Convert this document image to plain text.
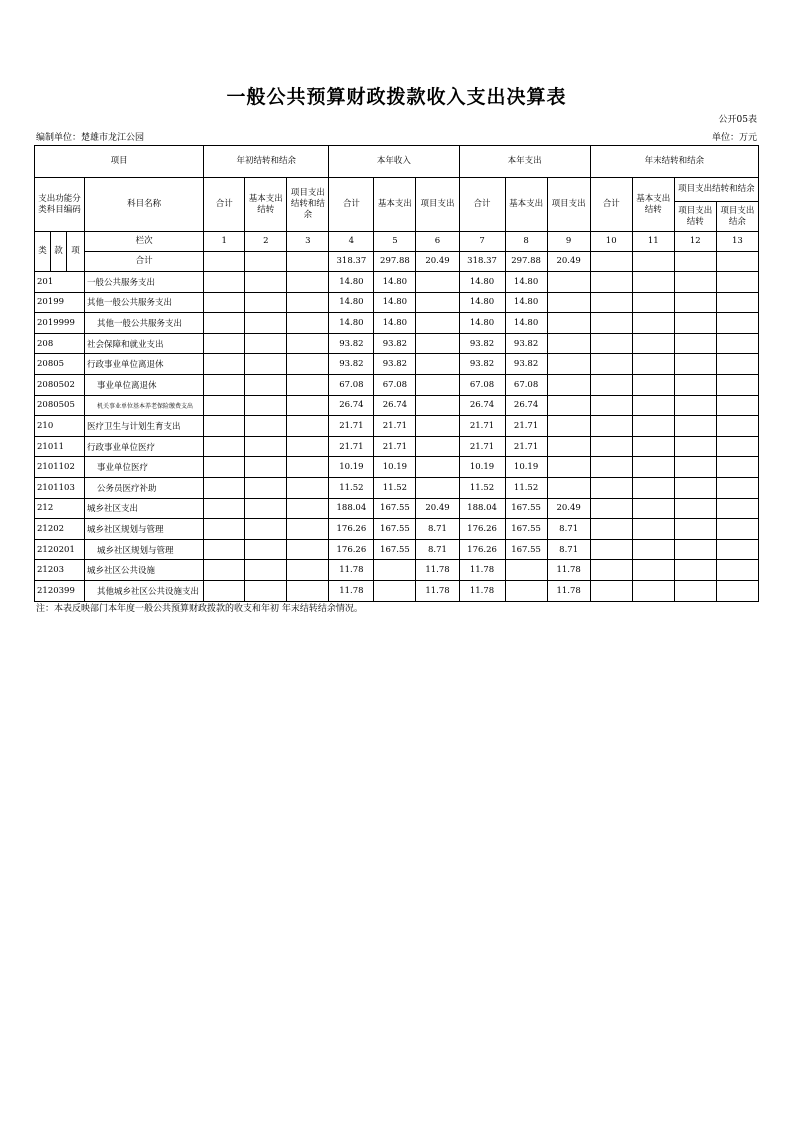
一般公共预算财政拨款收入支出决算表
公开05表
编制单位：楚雄市龙江公园	单位：万元
项目				年初结转和结余			本年收入			本年支出			年末结转和结余			
支出功能分类科目编码			科目名称	合计	基本支出结转	项目支出结转和结余	合计	基本支出	项目支出	合计	基本支出	项目支出	合计	基本支出结转	项目支出结转和结余	
															项目支出结转	项目支出结余
类	款	项	栏次	1	2	3	4	5	6	7	8	9	10	11	12	13
			合计				318.37	297.88	20.49	318.37	297.88	20.49				
201			一般公共服务支出				14.80	14.80		14.80	14.80					
20199			其他一般公共服务支出				14.80	14.80		14.80	14.80					
2019999			其他一般公共服务支出				14.80	14.80		14.80	14.80					
208			社会保障和就业支出				93.82	93.82		93.82	93.82					
20805			行政事业单位离退休				93.82	93.82		93.82	93.82					
2080502			事业单位离退休				67.08	67.08		67.08	67.08					
2080505			机关事业单位基本养老保险缴费支出				26.74	26.74		26.74	26.74					
210			医疗卫生与计划生育支出				21.71	21.71		21.71	21.71					
21011			行政事业单位医疗				21.71	21.71		21.71	21.71					
2101102			事业单位医疗				10.19	10.19		10.19	10.19					
2101103			公务员医疗补助				11.52	11.52		11.52	11.52					
212			城乡社区支出				188.04	167.55	20.49	188.04	167.55	20.49				
21202			城乡社区规划与管理				176.26	167.55	8.71	176.26	167.55	8.71				
2120201			城乡社区规划与管理				176.26	167.55	8.71	176.26	167.55	8.71				
21203			城乡社区公共设施				11.78		11.78	11.78		11.78				
2120399			其他城乡社区公共设施支出				11.78		11.78	11.78		11.78				
注：本表反映部门本年度一般公共预算财政拨款的收支和年初 年末结转结余情况。
